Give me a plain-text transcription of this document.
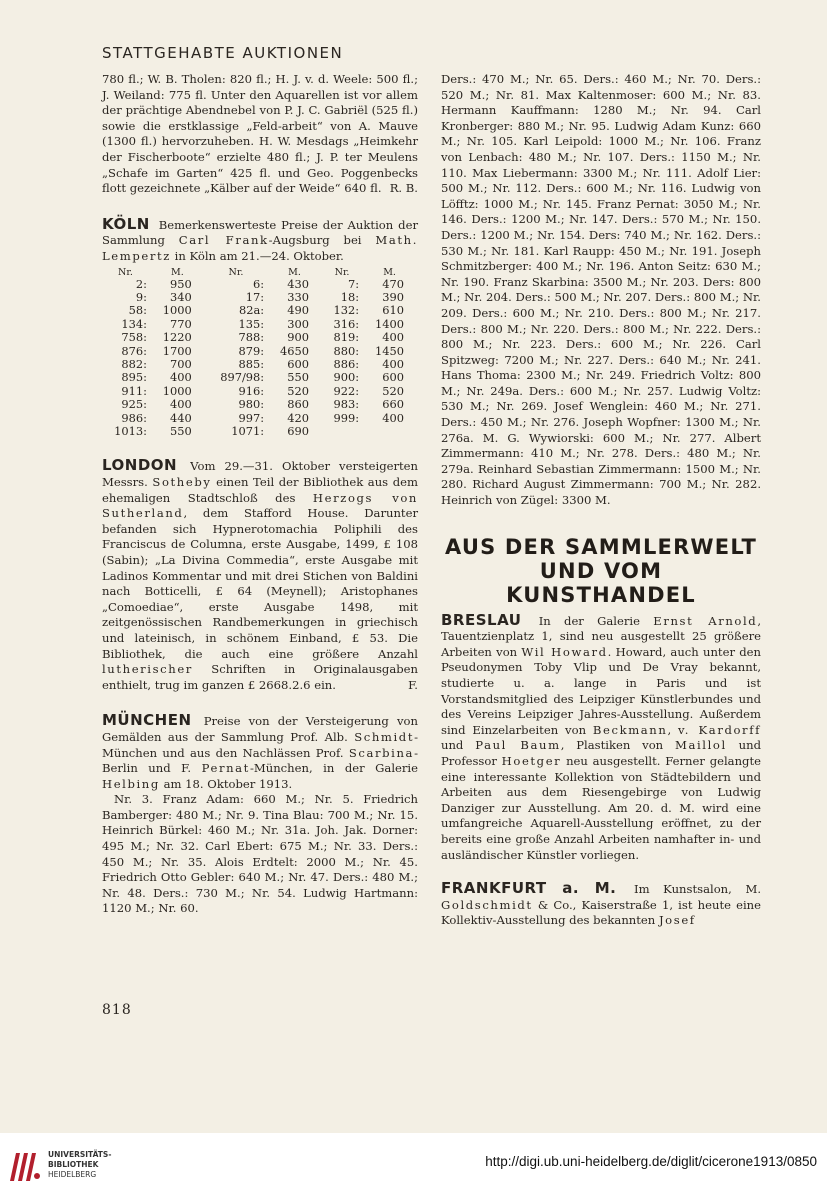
STATTGEHABTE AUKTIONEN

780 fl.; W. B. Tholen: 820 fl.; H. J. v. d. Weele: 500 fl.; J. Weiland: 775 fl. Unter den Aquarellen ist vor allem der prächtige Abendnebel von P. J. C. Gabriël (525 fl.) sowie die erstklassige „Feld-arbeit“ von A. Mauve (1300 fl.) hervorzuheben. H. W. Mesdags „Heimkehr der Fischerboote“ erzielte 480 fl.; J. P. ter Meulens „Schafe im Garten“ 425 fl. und Geo. Poggenbecks flott gezeichnete „Kälber auf der Weide“ 640 fl. R. B.

KÖLN Bemerkenswerteste Preise der Auktion der Sammlung Carl Frank-Augsburg bei Math. Lempertz in Köln am 21.—24. Oktober.

Nr.	M.	Nr.	M.	Nr.	M.
2:	950	6:	430	7:	470
9:	340	17:	330	18:	390
58:	1000	82a:	490	132:	610
134:	770	135:	300	316:	1400
758:	1220	788:	900	819:	400
876:	1700	879:	4650	880:	1450
882:	700	885:	600	886:	400
895:	400	897/98:	550	900:	600
911:	1000	916:	520	922:	520
925:	400	980:	860	983:	660
986:	440	997:	420	999:	400
1013:	550	1071:	690		

LONDON Vom 29.—31. Oktober versteigerten Messrs. Sotheby einen Teil der Bibliothek aus dem ehemaligen Stadtschloß des Herzogs von Sutherland, dem Stafford House. Darunter befanden sich Hypnerotomachia Poliphili des Franciscus de Columna, erste Ausgabe, 1499, £ 108 (Sabin); „La Divina Commedia“, erste Ausgabe mit Ladinos Kommentar und mit drei Stichen von Baldini nach Botticelli, £ 64 (Meynell); Aristophanes „Comoediae“, erste Ausgabe 1498, mit zeitgenössischen Randbemerkungen in griechisch und lateinisch, in schönem Einband, £ 53. Die Bibliothek, die auch eine größere Anzahl lutherischer Schriften in Originalausgaben enthielt, trug im ganzen £ 2668.2.6 ein.	F.

MÜNCHEN Preise von der Versteigerung von Gemälden aus der Sammlung Prof. Alb. Schmidt-München und aus den Nachlässen Prof. Scarbina-Berlin und F. Pernat-München, in der Galerie Helbing am 18. Oktober 1913.

Nr. 3. Franz Adam: 660 M.; Nr. 5. Friedrich Bamberger: 480 M.; Nr. 9. Tina Blau: 700 M.; Nr. 15. Heinrich Bürkel: 460 M.; Nr. 31a. Joh. Jak. Dorner: 495 M.; Nr. 32. Carl Ebert: 675 M.; Nr. 33. Ders.: 450 M.; Nr. 35. Alois Erdtelt: 2000 M.; Nr. 45. Friedrich Otto Gebler: 640 M.; Nr. 47. Ders.: 480 M.; Nr. 48. Ders.: 730 M.; Nr. 54. Ludwig Hartmann: 1120 M.; Nr. 60.

Ders.: 470 M.; Nr. 65. Ders.: 460 M.; Nr. 70. Ders.: 520 M.; Nr. 81. Max Kaltenmoser: 600 M.; Nr. 83. Hermann Kauffmann: 1280 M.; Nr. 94. Carl Kronberger: 880 M.; Nr. 95. Ludwig Adam Kunz: 660 M.; Nr. 105. Karl Leipold: 1000 M.; Nr. 106. Franz von Lenbach: 480 M.; Nr. 107. Ders.: 1150 M.; Nr. 110. Max Liebermann: 3300 M.; Nr. 111. Adolf Lier: 500 M.; Nr. 112. Ders.: 600 M.; Nr. 116. Ludwig von Löfftz: 1000 M.; Nr. 145. Franz Pernat: 3050 M.; Nr. 146. Ders.: 1200 M.; Nr. 147. Ders.: 570 M.; Nr. 150. Ders.: 1200 M.; Nr. 154. Ders: 740 M.; Nr. 162. Ders.: 530 M.; Nr. 181. Karl Raupp: 450 M.; Nr. 191. Joseph Schmitzberger: 400 M.; Nr. 196. Anton Seitz: 630 M.; Nr. 190. Franz Skarbina: 3500 M.; Nr. 203. Ders: 800 M.; Nr. 204. Ders.: 500 M.; Nr. 207. Ders.: 800 M.; Nr. 209. Ders.: 600 M.; Nr. 210. Ders.: 800 M.; Nr. 217. Ders.: 800 M.; Nr. 220. Ders.: 800 M.; Nr. 222. Ders.: 800 M.; Nr. 223. Ders.: 600 M.; Nr. 226. Carl Spitzweg: 7200 M.; Nr. 227. Ders.: 640 M.; Nr. 241. Hans Thoma: 2300 M.; Nr. 249. Friedrich Voltz: 800 M.; Nr. 249a. Ders.: 600 M.; Nr. 257. Ludwig Voltz: 530 M.; Nr. 269. Josef Wenglein: 460 M.; Nr. 271. Ders.: 450 M.; Nr. 276. Joseph Wopfner: 1300 M.; Nr. 276a. M. G. Wywiorski: 600 M.; Nr. 277. Albert Zimmermann: 410 M.; Nr. 278. Ders.: 480 M.; Nr. 279a. Reinhard Sebastian Zimmermann: 1500 M.; Nr. 280. Richard August Zimmermann: 700 M.; Nr. 282. Heinrich von Zügel: 3300 M.

AUS DER SAMMLERWELT
UND VOM KUNSTHANDEL

BRESLAU In der Galerie Ernst Arnold, Tauentzienplatz 1, sind neu ausgestellt 25 größere Arbeiten von Wil Howard. Howard, auch unter den Pseudonymen Toby Vlip und De Vray bekannt, studierte u. a. lange in Paris und ist Vorstandsmitglied des Leipziger Künstlerbundes und des Vereins Leipziger Jahres-Ausstellung. Außerdem sind Einzelarbeiten von Beckmann, v. Kardorff und Paul Baum, Plastiken von Maillol und Professor Hoetger neu ausgestellt. Ferner gelangte eine interessante Kollektion von Städtebildern und Arbeiten aus dem Riesengebirge von Ludwig Danziger zur Ausstellung. Am 20. d. M. wird eine umfangreiche Aquarell-Ausstellung eröffnet, zu der bereits eine große Anzahl Arbeiten namhafter in- und ausländischer Künstler vorliegen.

FRANKFURT a. M. Im Kunstsalon, M. Goldschmidt & Co., Kaiserstraße 1, ist heute eine Kollektiv-Ausstellung des bekannten Josef

818
UNIVERSITÄTS-
BIBLIOTHEK
HEIDELBERG
http://digi.ub.uni-heidelberg.de/diglit/cicerone1913/0850
